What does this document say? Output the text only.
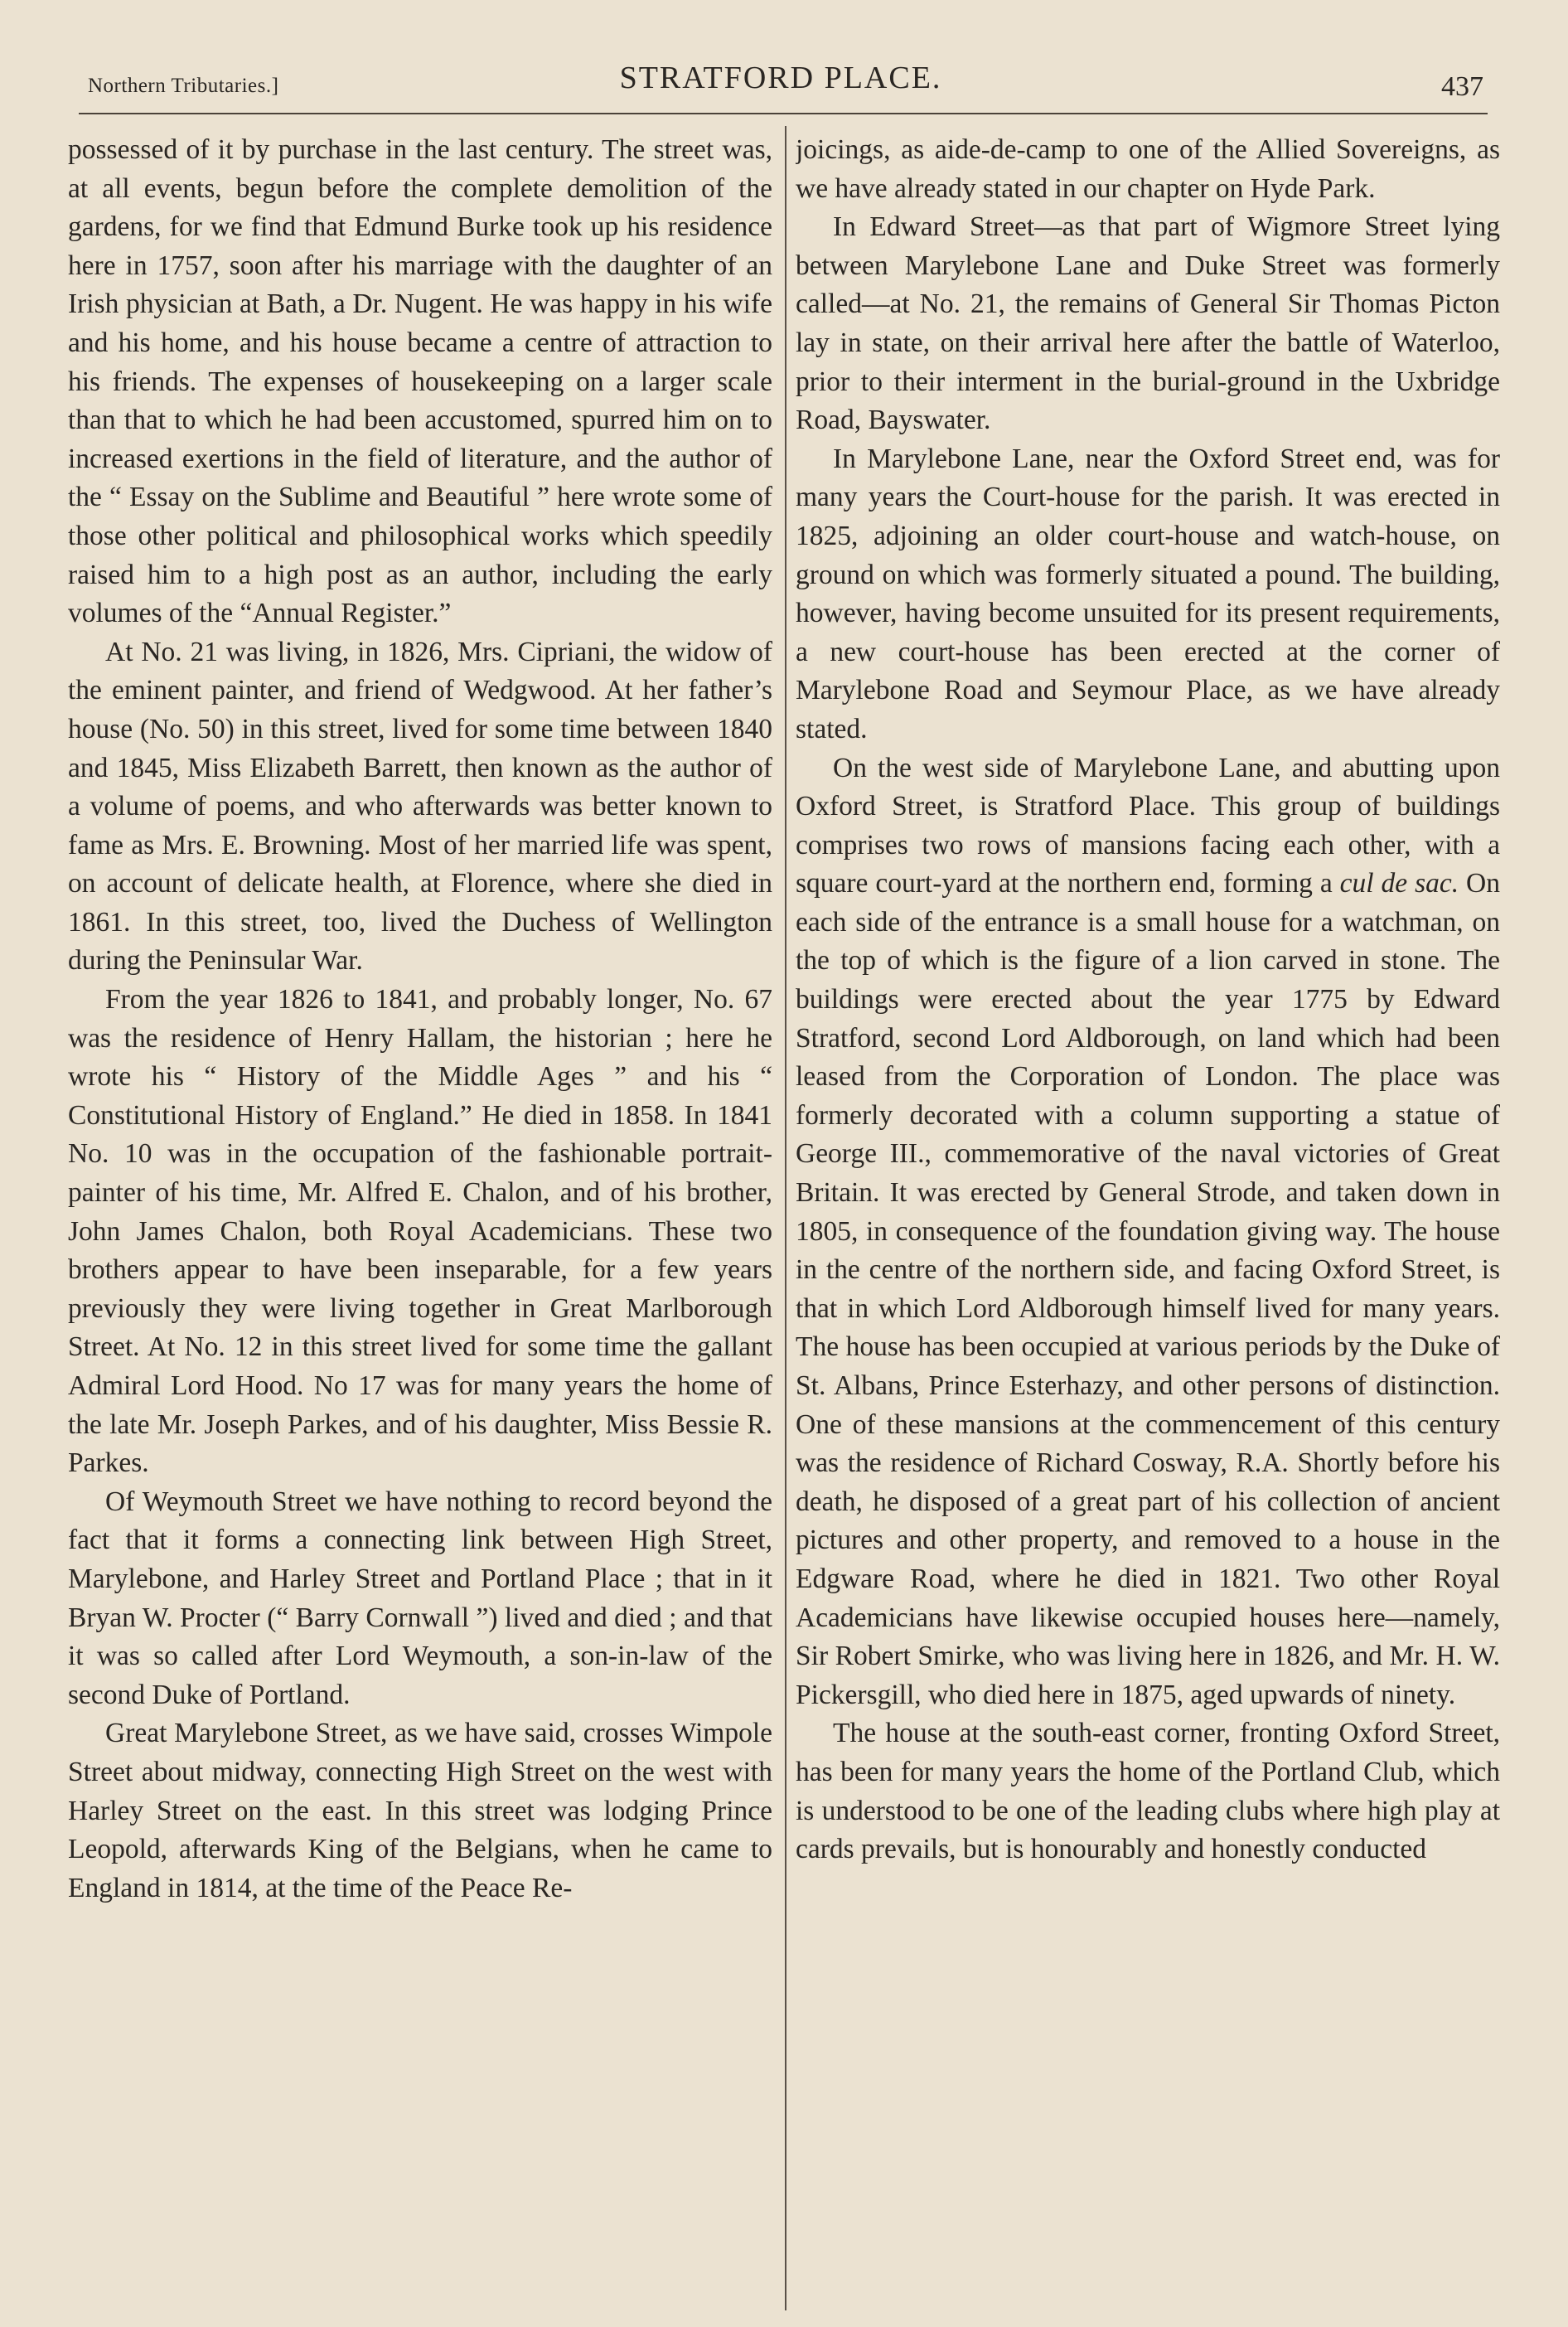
Northern Tributaries.]	STRATFORD PLACE.	437

possessed of it by purchase in the last century. The street was, at all events, begun before the complete demolition of the gardens, for we find that Edmund Burke took up his residence here in 1757, soon after his marriage with the daughter of an Irish physician at Bath, a Dr. Nugent. He was happy in his wife and his home, and his house became a centre of attraction to his friends. The expenses of housekeeping on a larger scale than that to which he had been accustomed, spurred him on to increased exertions in the field of literature, and the author of the “ Essay on the Sublime and Beautiful ” here wrote some of those other political and philosophical works which speedily raised him to a high post as an author, including the early volumes of the “Annual Register.”

At No. 21 was living, in 1826, Mrs. Cipriani, the widow of the eminent painter, and friend of Wedgwood. At her father’s house (No. 50) in this street, lived for some time between 1840 and 1845, Miss Elizabeth Barrett, then known as the author of a volume of poems, and who afterwards was better known to fame as Mrs. E. Browning. Most of her married life was spent, on account of delicate health, at Florence, where she died in 1861. In this street, too, lived the Duchess of Wellington during the Peninsular War.

From the year 1826 to 1841, and probably longer, No. 67 was the residence of Henry Hallam, the historian ; here he wrote his “ History of the Middle Ages ” and his “ Constitutional History of England.” He died in 1858. In 1841 No. 10 was in the occupation of the fashionable portrait-painter of his time, Mr. Alfred E. Chalon, and of his brother, John James Chalon, both Royal Academicians. These two brothers appear to have been inseparable, for a few years previously they were living together in Great Marlborough Street. At No. 12 in this street lived for some time the gallant Admiral Lord Hood. No 17 was for many years the home of the late Mr. Joseph Parkes, and of his daughter, Miss Bessie R. Parkes.

Of Weymouth Street we have nothing to record beyond the fact that it forms a connecting link between High Street, Marylebone, and Harley Street and Portland Place ; that in it Bryan W. Procter (“ Barry Cornwall ”) lived and died ; and that it was so called after Lord Weymouth, a son-in-law of the second Duke of Portland.

Great Marylebone Street, as we have said, crosses Wimpole Street about midway, connecting High Street on the west with Harley Street on the east. In this street was lodging Prince Leopold, afterwards King of the Belgians, when he came to England in 1814, at the time of the Peace Re-

joicings, as aide-de-camp to one of the Allied Sovereigns, as we have already stated in our chapter on Hyde Park.

In Edward Street—as that part of Wigmore Street lying between Marylebone Lane and Duke Street was formerly called—at No. 21, the remains of General Sir Thomas Picton lay in state, on their arrival here after the battle of Waterloo, prior to their interment in the burial-ground in the Uxbridge Road, Bayswater.

In Marylebone Lane, near the Oxford Street end, was for many years the Court-house for the parish. It was erected in 1825, adjoining an older court-house and watch-house, on ground on which was formerly situated a pound. The building, however, having become unsuited for its present requirements, a new court-house has been erected at the corner of Marylebone Road and Seymour Place, as we have already stated.

On the west side of Marylebone Lane, and abutting upon Oxford Street, is Stratford Place. This group of buildings comprises two rows of mansions facing each other, with a square court-yard at the northern end, forming a cul de sac. On each side of the entrance is a small house for a watchman, on the top of which is the figure of a lion carved in stone. The buildings were erected about the year 1775 by Edward Stratford, second Lord Aldborough, on land which had been leased from the Corporation of London. The place was formerly decorated with a column supporting a statue of George III., commemorative of the naval victories of Great Britain. It was erected by General Strode, and taken down in 1805, in consequence of the foundation giving way. The house in the centre of the northern side, and facing Oxford Street, is that in which Lord Aldborough himself lived for many years. The house has been occupied at various periods by the Duke of St. Albans, Prince Esterhazy, and other persons of distinction. One of these mansions at the commencement of this century was the residence of Richard Cosway, R.A. Shortly before his death, he disposed of a great part of his collection of ancient pictures and other property, and removed to a house in the Edgware Road, where he died in 1821. Two other Royal Academicians have likewise occupied houses here—namely, Sir Robert Smirke, who was living here in 1826, and Mr. H. W. Pickersgill, who died here in 1875, aged upwards of ninety.

The house at the south-east corner, fronting Oxford Street, has been for many years the home of the Portland Club, which is understood to be one of the leading clubs where high play at cards prevails, but is honourably and honestly conducted
